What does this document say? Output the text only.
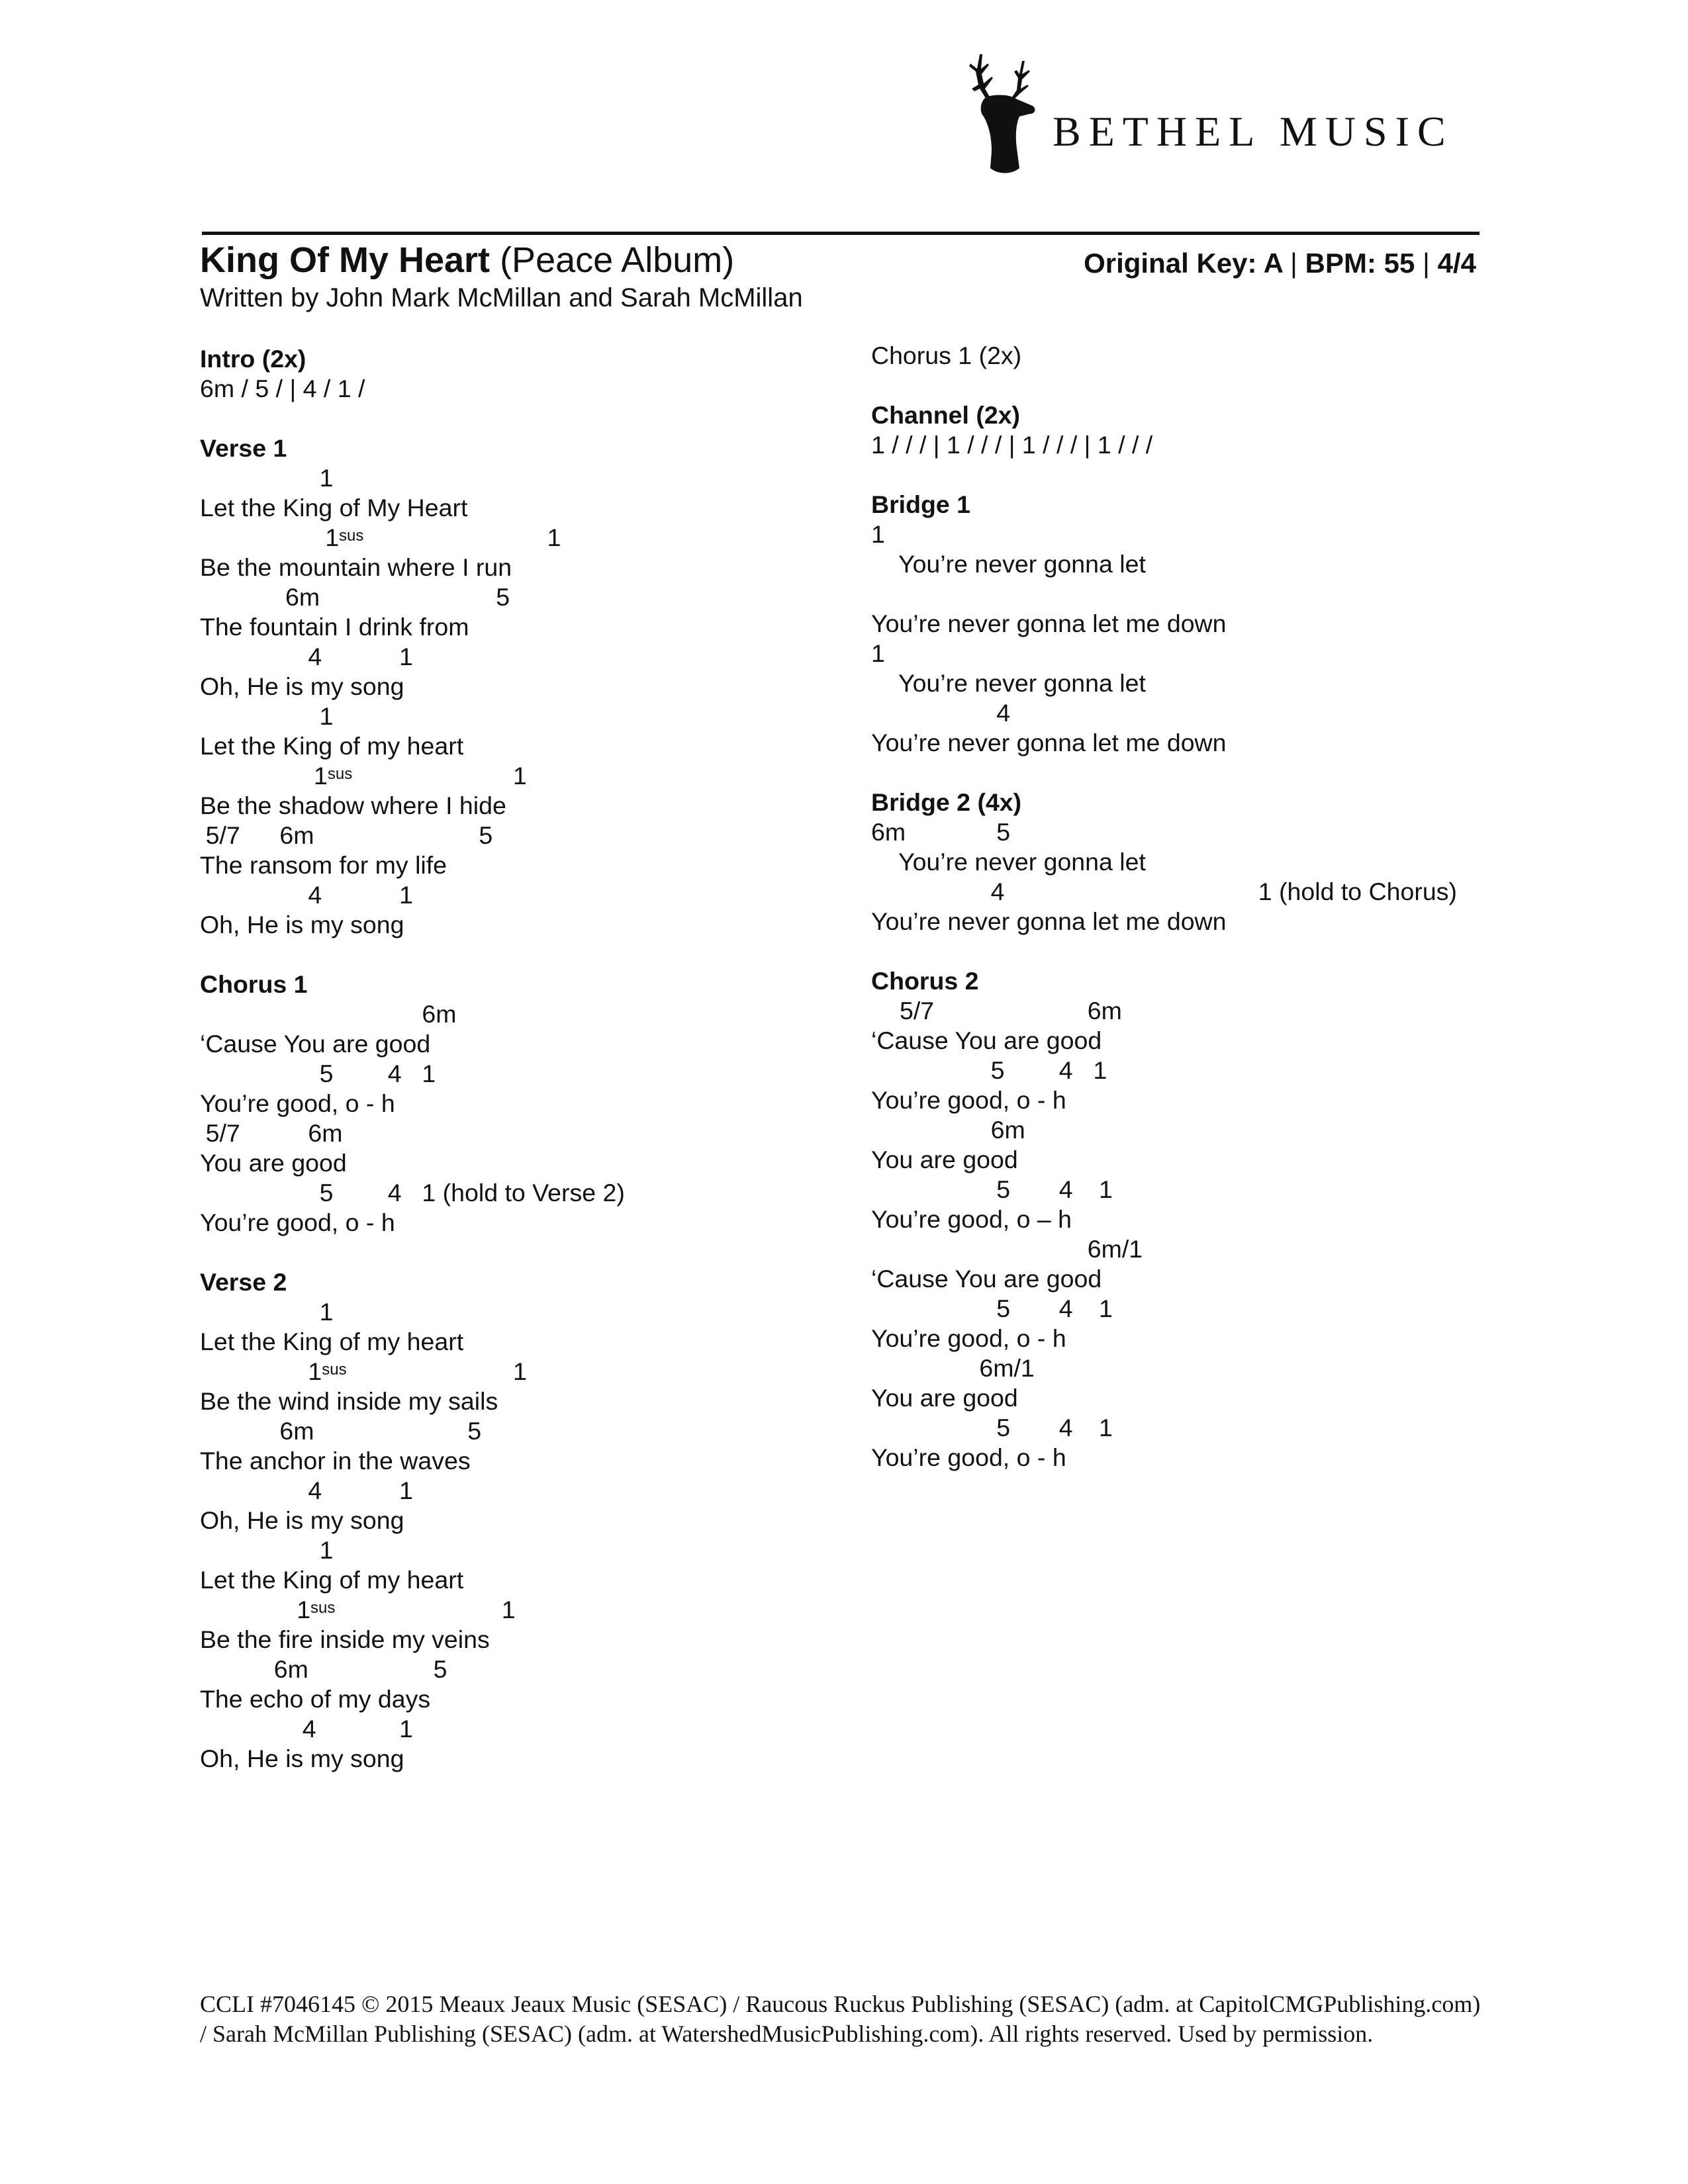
BETHEL MUSIC
King Of My Heart (Peace Album)	Original Key: A | BPM: 55 | 4/4
Written by John Mark McMillan and Sarah McMillan
Intro (2x)
6m / 5 / | 4 / 1 /
Verse 1
1
Let the King of My Heart
$1^{sus}$	1
Be the mountain where I run
6m	5
The fountain I drink from
4	1
Oh, He is my song
1
Let the King of my heart
$1^{sus}$	1
Be the shadow where I hide
5/7 6m	5
The ransom for my life
4	1
Oh, He is my song
Chorus 1
6m
‘Cause You are good
5 4 1
You’re good, o - h
5/7	6m
You are good
5 4 1 (hold to Verse 2)
You’re good, o - h
Verse 2
1
Let the King of my heart
$1^{sus}$	1
Be the wind inside my sails
6m	5
The anchor in the waves
4	1
Oh, He is my song
1
Let the King of my heart
$1^{sus}$	1
Be the fire inside my veins
6m	5
The echo of my days
4	1
Oh, He is my song
Chorus 1 (2x)
Channel (2x)
1 / / / | 1 / / / | 1 / / / | 1 / / /
Bridge 1
1
You’re never gonna let
You’re never gonna let me down
1
You’re never gonna let
4
You’re never gonna let me down
Bridge 2 (4x)
6m	5
You’re never gonna let
4	1 (hold to Chorus)
You’re never gonna let me down
Chorus 2
5/7	6m
‘Cause You are good
5 4 1
You’re good, o - h
6m
You are good
5 4 1
You’re good, o – h
6m/1
‘Cause You are good
5 4 1
You’re good, o - h
6m/1
You are good
5 4 1
You’re good, o - h
CCLI #7046145 © 2015 Meaux Jeaux Music (SESAC) / Raucous Ruckus Publishing (SESAC) (adm. at CapitolCMGPublishing.com) / Sarah McMillan Publishing (SESAC) (adm. at WatershedMusicPublishing.com). All rights reserved. Used by permission.
